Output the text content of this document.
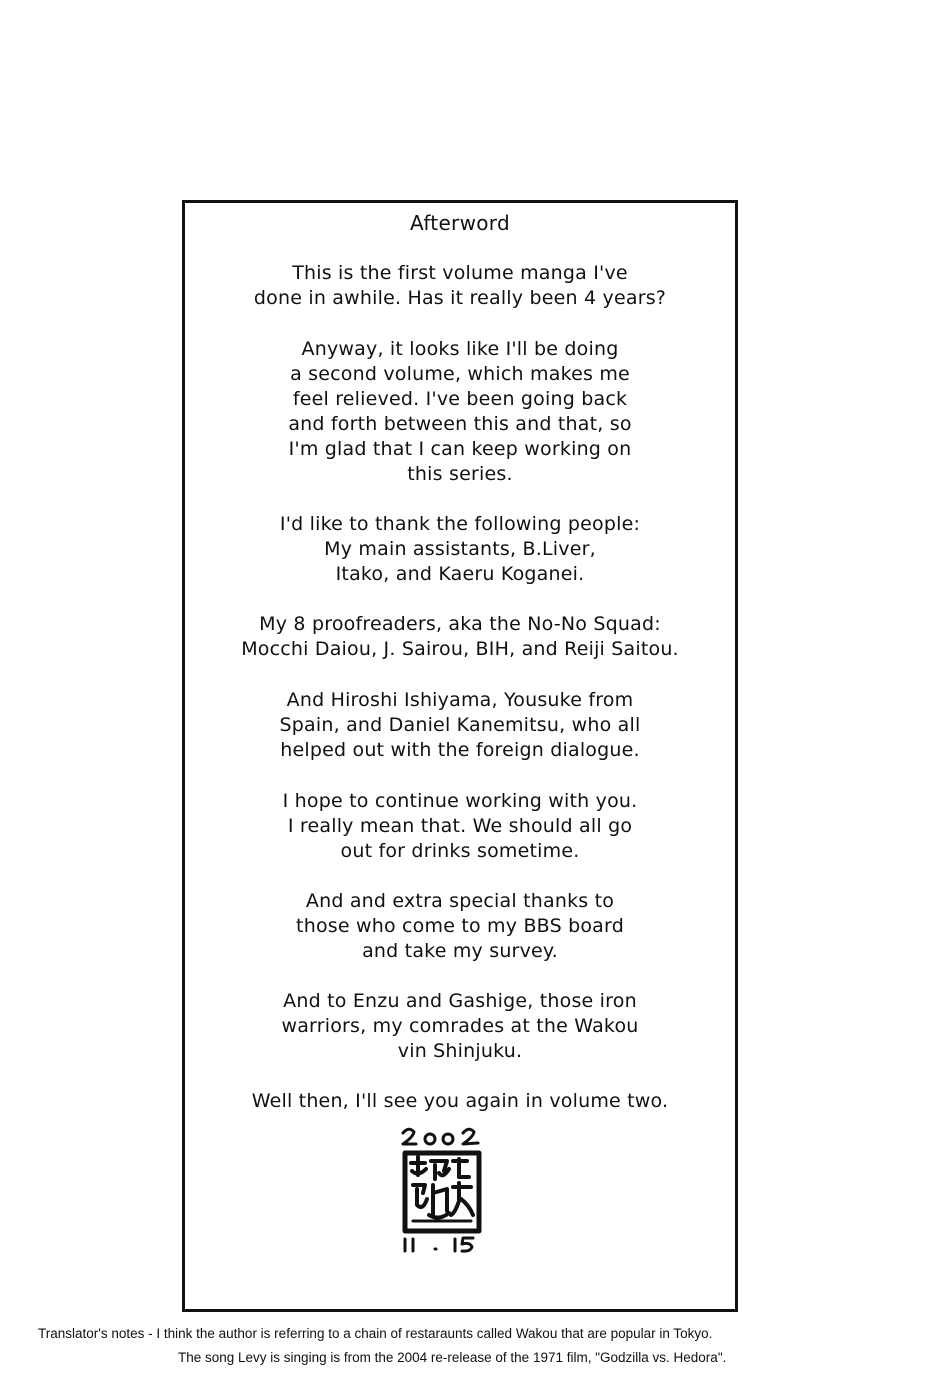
Afterword
This is the first volume manga I've
done in awhile. Has it really been 4 years?
Anyway, it looks like I'll be doing
a second volume, which makes me
feel relieved. I've been going back
and forth between this and that, so
I'm glad that I can keep working on
this series.
I'd like to thank the following people:
My main assistants, B.Liver,
Itako, and Kaeru Koganei.
My 8 proofreaders, aka the No-No Squad:
Mocchi Daiou, J. Sairou, BIH, and Reiji Saitou.
And Hiroshi Ishiyama, Yousuke from
Spain, and Daniel Kanemitsu, who all
helped out with the foreign dialogue.
I hope to continue working with you.
I really mean that. We should all go
out for drinks sometime.
And and extra special thanks to
those who come to my BBS board
and take my survey.
And to Enzu and Gashige, those iron
warriors, my comrades at the Wakou
vin Shinjuku.
Well then, I'll see you again in volume two.
Translator's notes - I think the author is referring to a chain of restaraunts called Wakou that are popular in Tokyo.
The song Levy is singing is from the 2004 re-release of the 1971 film, "Godzilla vs. Hedora".
